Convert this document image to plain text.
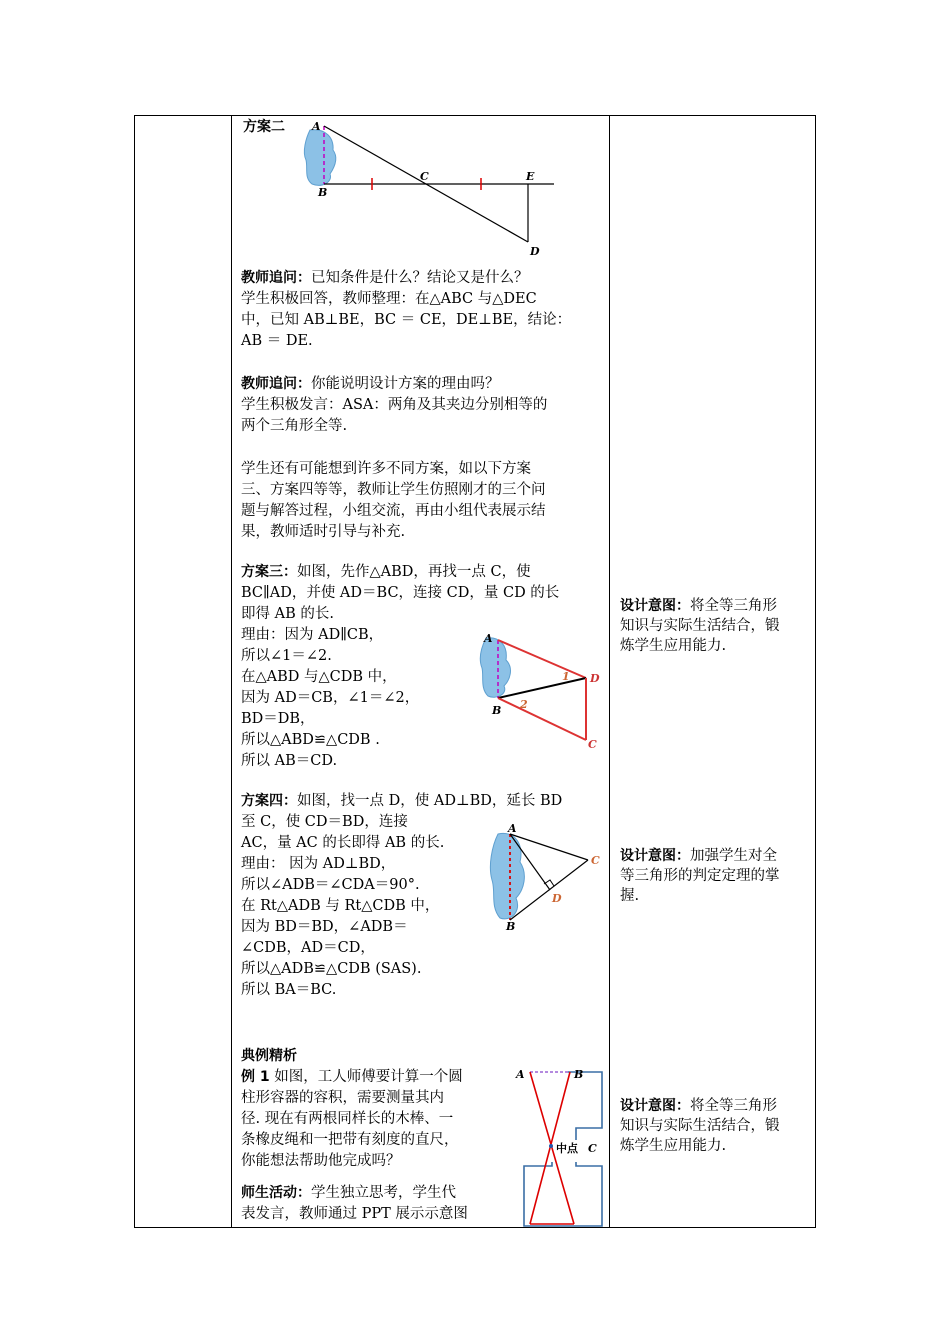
方案二 A
B
C	E
D
教师追问：已知条件是什么？结论又是什么？
学生积极回答，教师整理：在△ABC 与△DEC
中，已知 AB⊥BE，BC ＝ CE，DE⊥BE，结论：
AB ＝ DE.
教师追问：你能说明设计方案的理由吗？
学生积极发言：ASA：两角及其夹边分别相等的
两个三角形全等.
学生还有可能想到许多不同方案，如以下方案
三、方案四等等，教师让学生仿照刚才的三个问
题与解答过程，小组交流，再由小组代表展示结
果，教师适时引导与补充.
方案三：如图，先作△ABD，再找一点 C，使
BC∥AD，并使 AD＝BC，连接 CD，量 CD 的长
即得 AB 的长.
理由：因为 AD∥CB，
所以∠1＝∠2.
在△ABD 与△CDB 中，
因为 AD＝CB，∠1＝∠2，
BD＝DB，
所以△ABD≌△CDB .
所以 AB＝CD.
A
B
D
C
1
2
方案四：如图，找一点 D，使 AD⊥BD，延长 BD
至 C，使 CD＝BD，连接
AC，量 AC 的长即得 AB 的长.
理由： 因为 AD⊥BD，
所以∠ADB＝∠CDA＝90°.
在 Rt△ADB 与 Rt△CDB 中，
因为 BD＝BD，∠ADB＝
∠CDB，AD＝CD，
所以△ADB≌△CDB (SAS).
所以 BA＝BC.
A
B
C
D
典例精析
例 1 如图，工人师傅要计算一个圆
柱形容器的容积，需要测量其内
径. 现在有两根同样长的木棒、一
条橡皮绳和一把带有刻度的直尺，
你能想法帮助他完成吗？
师生活动：学生独立思考，学生代
表发言，教师通过 PPT 展示示意图
A	B
中点 C
设计意图：将全等三角形
知识与实际生活结合，锻
炼学生应用能力.
设计意图：加强学生对全
等三角形的判定定理的掌
握.
设计意图：将全等三角形
知识与实际生活结合，锻
炼学生应用能力.
